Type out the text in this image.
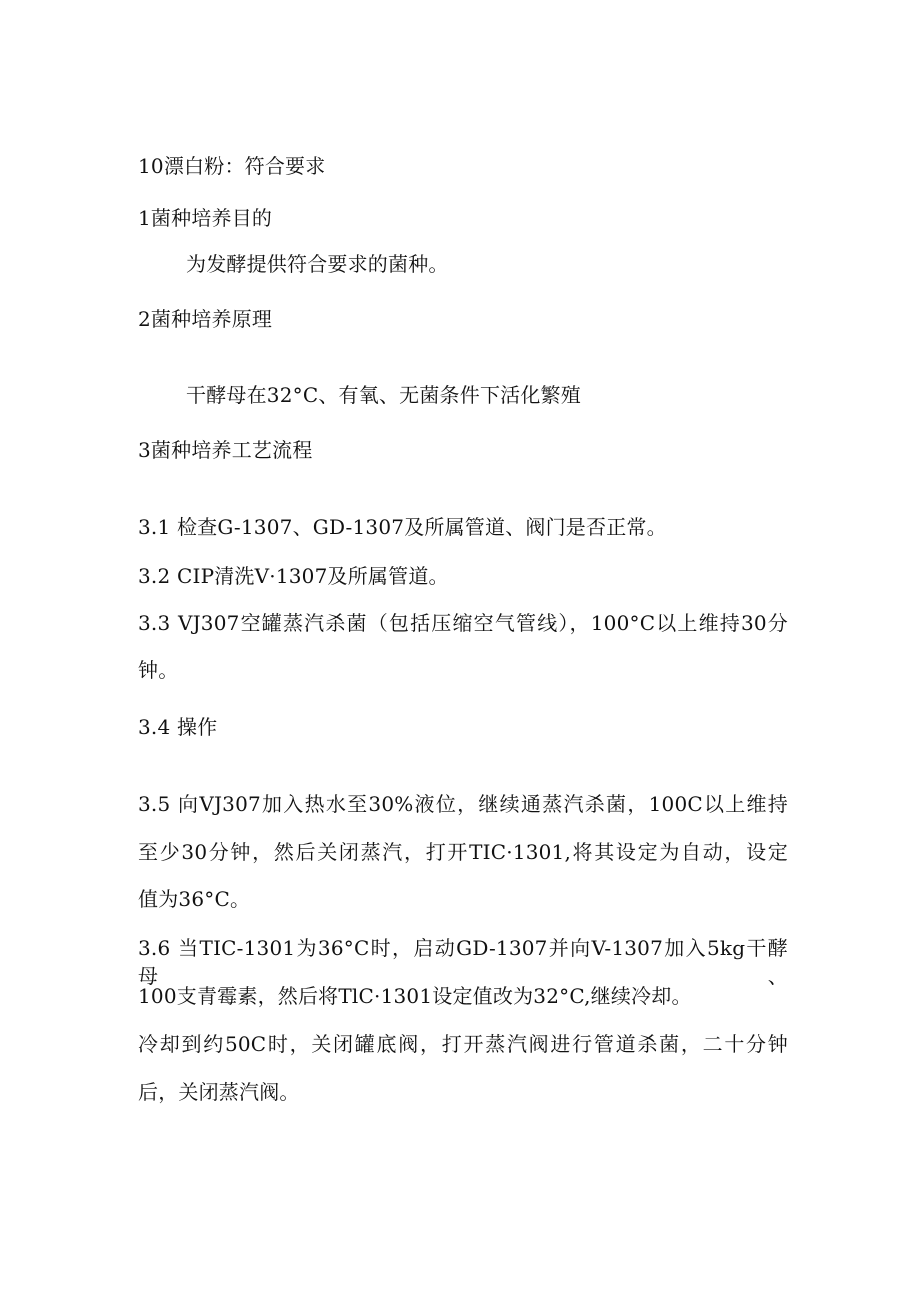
10漂白粉：符合要求
1菌种培养目的
为发酵提供符合要求的菌种。
2菌种培养原理
干酵母在32°C、有氧、无菌条件下活化繁殖
3菌种培养工艺流程
3.1 检查G-1307、GD-1307及所属管道、阀门是否正常。
3.2 CIP清洗V·1307及所属管道。
3.3 VJ307空罐蒸汽杀菌（包括压缩空气管线），100°C以上维持30分
钟。
3.4 操作
3.5 向VJ307加入热水至30%液位，继续通蒸汽杀菌，100C以上维持
至少30分钟，然后关闭蒸汽，打开TIC·1301,将其设定为自动，设定
值为36°C。
3.6 当TIC-1301为36°C时，启动GD-1307并向V-1307加入5kg干酵母、
100支青霉素，然后将TlC·1301设定值改为32°C,继续冷却。
冷却到约50C时，关闭罐底阀，打开蒸汽阀进行管道杀菌，二十分钟
后，关闭蒸汽阀。
